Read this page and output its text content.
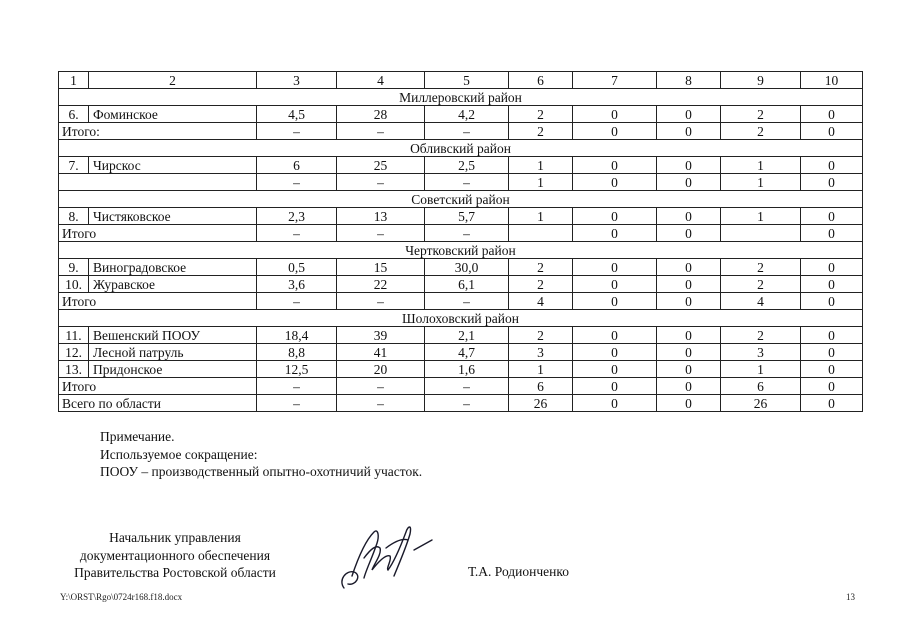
1	2	3	4	5	6	7	8	9	10
Миллеровский район									
6.	Фоминское	4,5	28	4,2	2	0	0	2	0
Итого:		–	–	–	2	0	0	2	0
Обливский район									
7.	Чирскос	6	25	2,5	1	0	0	1	0
		–	–	–	1	0	0	1	0
Советский район									
8.	Чистяковское	2,3	13	5,7	1	0	0	1	0
Итого		–	–	–		0	0		0
Чертковский район									
9.	Виноградовское	0,5	15	30,0	2	0	0	2	0
10.	Журавское	3,6	22	6,1	2	0	0	2	0
Итого		–	–	–	4	0	0	4	0
Шолоховский район									
11.	Вешенский ПООУ	18,4	39	2,1	2	0	0	2	0
12.	Лесной патруль	8,8	41	4,7	3	0	0	3	0
13.	Придонское	12,5	20	1,6	1	0	0	1	0
Итого		–	–	–	6	0	0	6	0
Всего по области		–	–	–	26	0	0	26	0
Примечание.
Используемое сокращение:
ПООУ – производственный опытно-охотничий участок.
Начальник управления
документационного обеспечения
Правительства Ростовской области	Т.А. Родионченко
Y:\ORST\Rgo\0724r168.f18.docx	13
